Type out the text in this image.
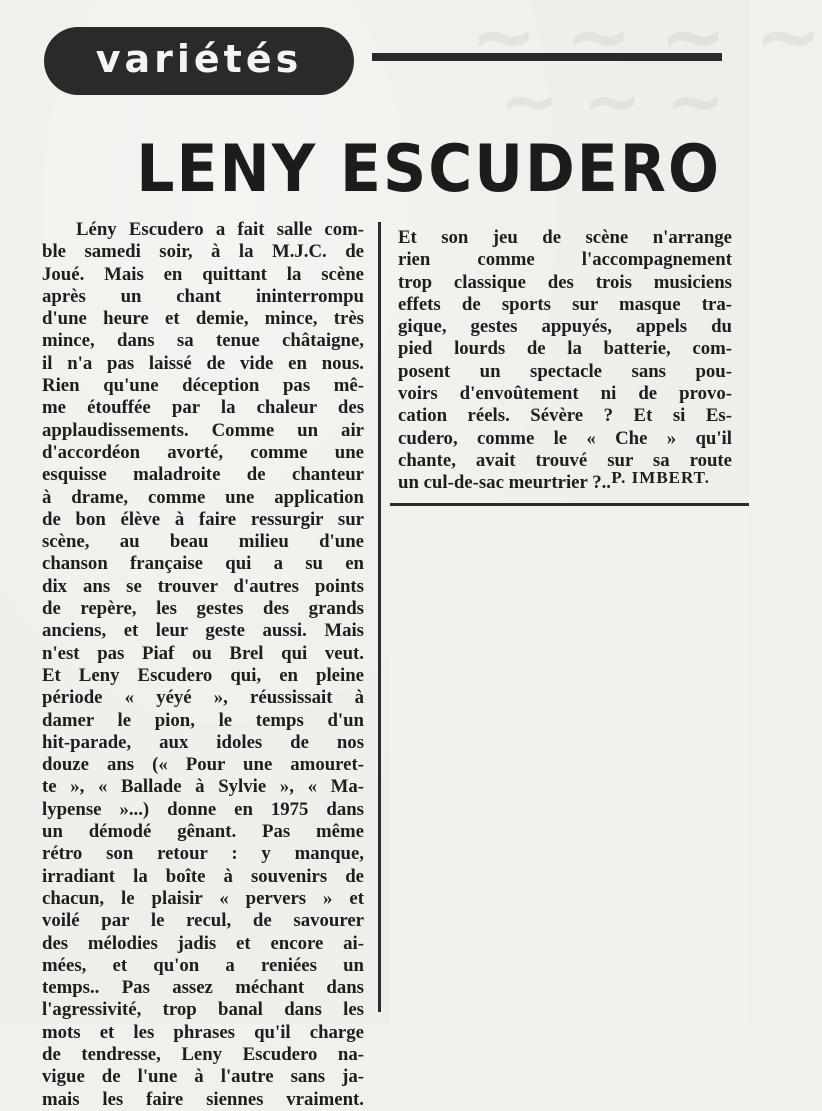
~ ~ ~ ~
~ ~ ~
variétés
LENY ESCUDERO
Lény Escudero a fait salle com-
ble samedi soir, à la M.J.C. de
Joué. Mais en quittant la scène
après un chant ininterrompu
d'une heure et demie, mince, très
mince, dans sa tenue châtaigne,
il n'a pas laissé de vide en nous.
Rien qu'une déception pas mê-
me étouffée par la chaleur des
applaudissements. Comme un air
d'accordéon avorté, comme une
esquisse maladroite de chanteur
à drame, comme une application
de bon élève à faire ressurgir sur
scène, au beau milieu d'une
chanson française qui a su en
dix ans se trouver d'autres points
de repère, les gestes des grands
anciens, et leur geste aussi. Mais
n'est pas Piaf ou Brel qui veut.
Et Leny Escudero qui, en pleine
période « yéyé », réussissait à
damer le pion, le temps d'un
hit-parade, aux idoles de nos
douze ans (« Pour une amouret-
te », « Ballade à Sylvie », « Ma-
lypense »...) donne en 1975 dans
un démodé gênant. Pas même
rétro son retour : y manque,
irradiant la boîte à souvenirs de
chacun, le plaisir « pervers » et
voilé par le recul, de savourer
des mélodies jadis et encore ai-
mées, et qu'on a reniées un
temps.. Pas assez méchant dans
l'agressivité, trop banal dans les
mots et les phrases qu'il charge
de tendresse, Leny Escudero na-
vigue de l'une à l'autre sans ja-
mais les faire siennes vraiment.
Et son jeu de scène n'arrange
rien comme l'accompagnement
trop classique des trois musiciens
effets de sports sur masque tra-
gique, gestes appuyés, appels du
pied lourds de la batterie, com-
posent un spectacle sans pou-
voirs d'envoûtement ni de provo-
cation réels. Sévère ? Et si Es-
cudero, comme le « Che » qu'il
chante, avait trouvé sur sa route
un cul-de-sac meurtrier ?.. P. IMBERT.
